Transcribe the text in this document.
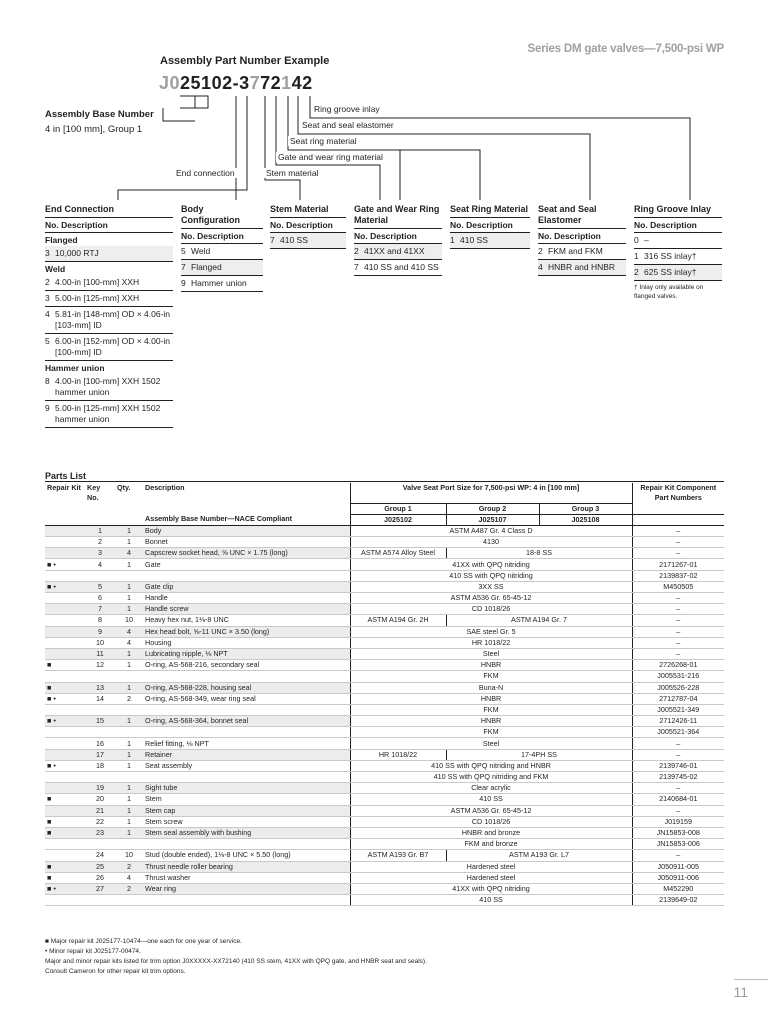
Series DM gate valves—7,500-psi WP
Assembly Part Number Example
J025102-3772142
Assembly Base Number
4 in [100 mm], Group 1
Ring groove inlay
Seat and seal elastomer
Seat ring material
Gate and wear ring material
Stem material
End connection
End Connection
No. Description
Flanged
3 10,000 RTJ
Weld
2 4.00-in [100-mm] XXH
3 5.00-in [125-mm] XXH
4 5.81-in [148-mm] OD × 4.06-in [103-mm] ID
5 6.00-in [152-mm] OD × 4.00-in [100-mm] ID
Hammer union
8 4.00-in [100-mm] XXH 1502 hammer union
9 5.00-in [125-mm] XXH 1502 hammer union
Body Configuration
No. Description
5 Weld
7 Flanged
9 Hammer union
Stem Material
No. Description
7 410 SS
Gate and Wear Ring Material
No. Description
2 41XX and 41XX
7 410 SS and 410 SS
Seat Ring Material
No. Description
1 410 SS
Seat and Seal Elastomer
No. Description
2 FKM and FKM
4 HNBR and HNBR
Ring Groove Inlay
No. Description
0 –
1 316 SS inlay†
2 625 SS inlay†
† Inlay only available on flanged valves.
Parts List
Repair Kit	Key No.	Qty.	Description	Valve Seat Port Size for 7,500-psi WP: 4 in [100 mm]			Repair Kit Component Part Numbers
				Group 1	Group 2	Group 3	
			Assembly Base Number—NACE Compliant	J025102	J025107	J025108	
	1	1	Body	ASTM A487 Gr. 4 Class D			–
	2	1	Bonnet	4130			–
	3	4	Capscrew socket head, ⅝ UNC × 1.75 (long)	ASTM A574 Alloy Steel	18-8 SS		–
■ •	4	1	Gate	41XX with QPQ nitriding			2171267-01
				410 SS with QPQ nitriding			2139837-02
■ •	5	1	Gate clip	3XX SS			M450505
	6	1	Handle	ASTM A536 Gr. 65-45-12			–
	7	1	Handle screw	CD 1018/26			–
	8	10	Heavy hex nut, 1⅛-8 UNC	ASTM A194 Gr. 2H	ASTM A194 Gr. 7		–
	9	4	Hex head bolt, ⅝-11 UNC × 3.50 (long)	SAE steel Gr. 5			–
	10	4	Housing	HR 1018/22			–
	11	1	Lubricating nipple, ⅛ NPT	Steel			–
■	12	1	O-ring, AS-568-216, secondary seal	HNBR			2726268-01
				FKM			J005531-216
■	13	1	O-ring, AS-568-228, housing seal	Buna-N			J005526-228
■ •	14	2	O-ring, AS-568-349, wear ring seal	HNBR			2712787-04
				FKM			J005521-349
■ •	15	1	O-ring, AS-568-364, bonnet seal	HNBR			2712426-11
				FKM			J005521-364
	16	1	Relief fitting, ⅛ NPT	Steel			–
	17	1	Retainer	HR 1018/22	17-4PH SS		–
■ •	18	1	Seat assembly	410 SS with QPQ nitriding and HNBR			2139746-01
				410 SS with QPQ nitriding and FKM			2139745-02
	19	1	Sight tube	Clear acrylic			–
■	20	1	Stem	410 SS			2140684-01
	21	1	Stem cap	ASTM A536 Gr. 65-45-12			–
■	22	1	Stem screw	CD 1018/26			J019159
■	23	1	Stem seal assembly with bushing	HNBR and bronze			JN15853-008
				FKM and bronze			JN15853-006
	24	10	Stud (double ended), 1⅛-8 UNC × 5.50 (long)	ASTM A193 Gr. B7	ASTM A193 Gr. L7		–
■	25	2	Thrust needle roller bearing	Hardened steel			J050911-005
■	26	4	Thrust washer	Hardened steel			J050911-006
■ •	27	2	Wear ring	41XX with QPQ nitriding			M452290
				410 SS			2139649-02
■ Major repair kit J025177-10474—one each for one year of service.
• Minor repair kit J025177-00474.
Major and minor repair kits listed for trim option J0XXXXX-XX72140 (410 SS stem, 41XX with QPQ gate, and HNBR seat and seals).
Consult Cameron for other repair kit trim options.
11
